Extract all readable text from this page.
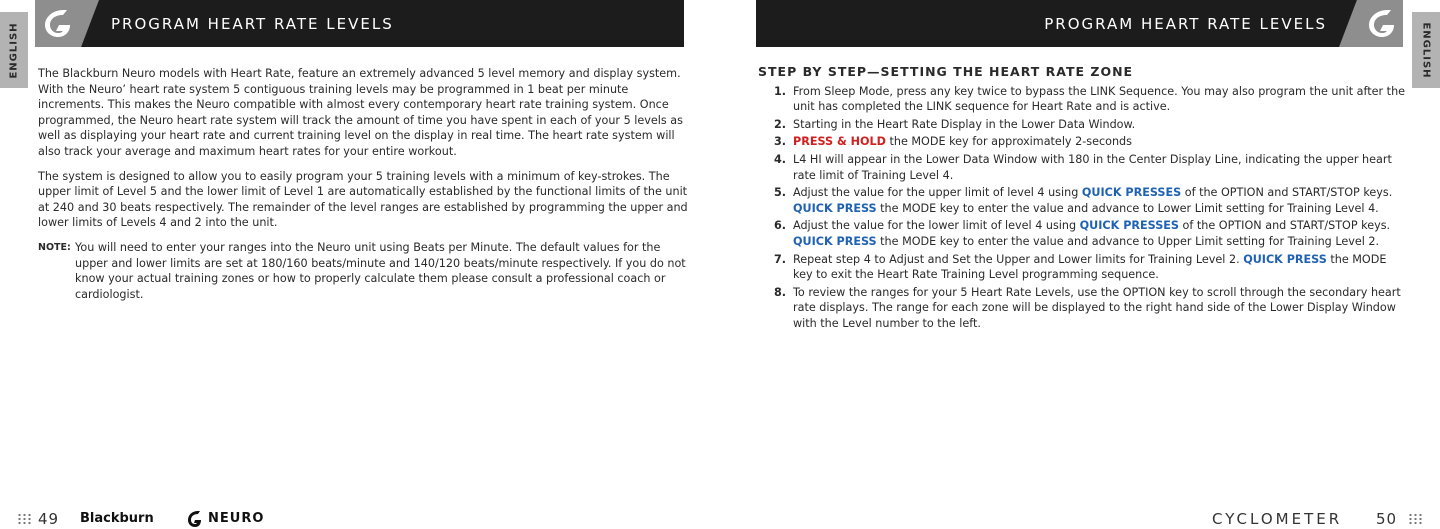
ENGLISH	PROGRAM HEART RATE LEVELS

The Blackburn Neuro models with Heart Rate, feature an extremely advanced 5 level memory and display system. With the Neuro’ heart rate system 5 contiguous training levels may be programmed in 1 beat per minute increments. This makes the Neuro compatible with almost every contemporary heart rate training system. Once programmed, the Neuro heart rate system will track the amount of time you have spent in each of your 5 levels as well as displaying your heart rate and current training level on the display in real time. The heart rate system will also track your average and maximum heart rates for your entire workout.

The system is designed to allow you to easily program your 5 training levels with a minimum of key-strokes. The upper limit of Level 5 and the lower limit of Level 1 are automatically established by the functional limits of the unit at 240 and 30 beats respectively. The remainder of the level ranges are established by programming the upper and lower limits of Levels 4 and 2 into the unit.

NOTE: You will need to enter your ranges into the Neuro unit using Beats per Minute. The default values for the upper and lower limits are set at 180/160 beats/minute and 140/120 beats/minute respectively. If you do not know your actual training zones or how to properly calculate them please consult a professional coach or cardiologist.
49 Blackburn	NEURO
PROGRAM HEART RATE LEVELS	ENGLISH
STEP BY STEP—SETTING THE HEART RATE ZONE
1. From Sleep Mode, press any key twice to bypass the LINK Sequence. You may also program the unit after the unit has completed the LINK sequence for Heart Rate and is active.
2. Starting in the Heart Rate Display in the Lower Data Window.
3. PRESS & HOLD the MODE key for approximately 2-seconds
4. L4 HI will appear in the Lower Data Window with 180 in the Center Display Line, indicating the upper heart rate limit of Training Level 4.
5. Adjust the value for the upper limit of level 4 using QUICK PRESSES of the OPTION and START/STOP keys. QUICK PRESS the MODE key to enter the value and advance to Lower Limit setting for Training Level 4.
6. Adjust the value for the lower limit of level 4 using QUICK PRESSES of the OPTION and START/STOP keys. QUICK PRESS the MODE key to enter the value and advance to Upper Limit setting for Training Level 2.
7. Repeat step 4 to Adjust and Set the Upper and Lower limits for Training Level 2. QUICK PRESS the MODE key to exit the Heart Rate Training Level programming sequence.
8. To review the ranges for your 5 Heart Rate Levels, use the OPTION key to scroll through the secondary heart rate displays. The range for each zone will be displayed to the right hand side of the Lower Display Window with the Level number to the left.
CYCLOMETER 50
